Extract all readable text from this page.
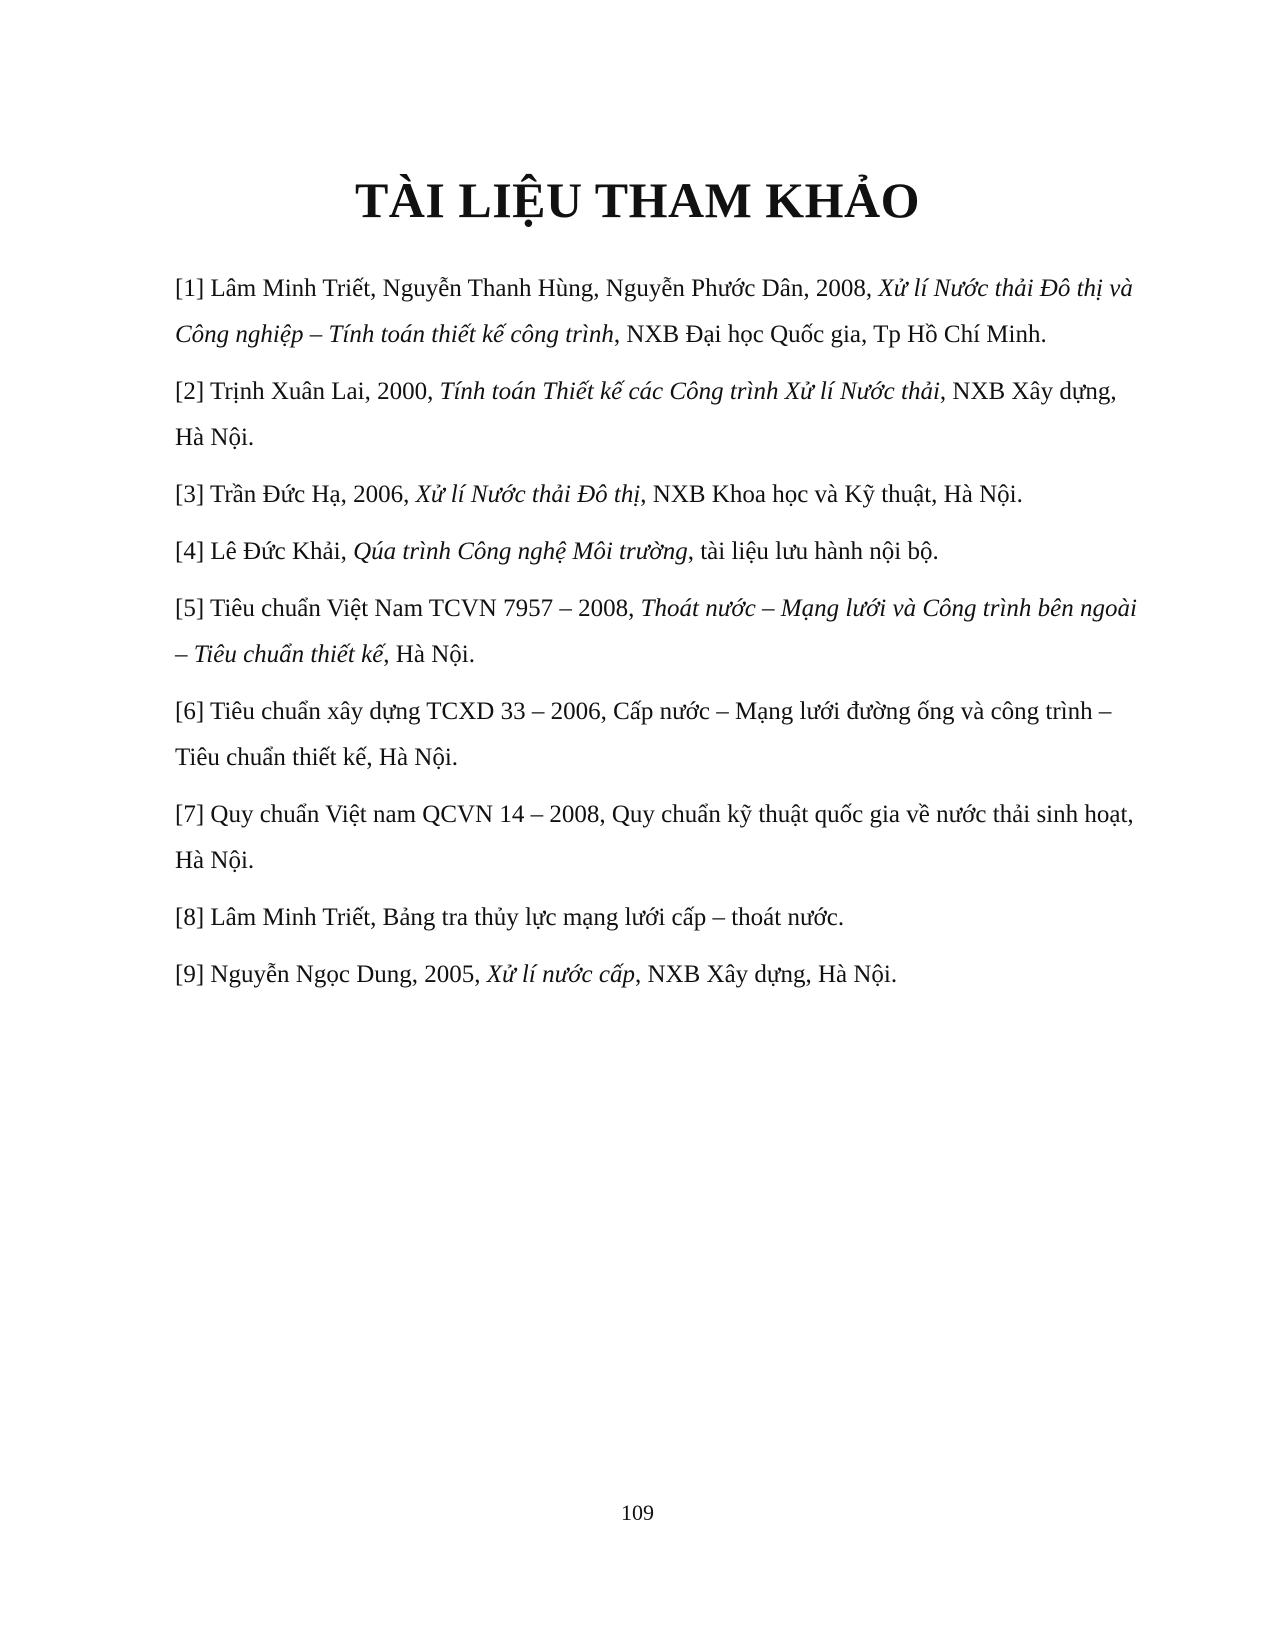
TÀI LIỆU THAM KHẢO
[1] Lâm Minh Triết, Nguyễn Thanh Hùng, Nguyễn Phước Dân, 2008, Xử lí Nước thải Đô thị và Công nghiệp – Tính toán thiết kế công trình, NXB Đại học Quốc gia, Tp Hồ Chí Minh.
[2] Trịnh Xuân Lai, 2000, Tính toán Thiết kế các Công trình Xử lí Nước thải, NXB Xây dựng, Hà Nội.
[3] Trần Đức Hạ, 2006, Xử lí Nước thải Đô thị, NXB Khoa học và Kỹ thuật, Hà Nội.
[4] Lê Đức Khải, Qúa trình Công nghệ Môi trường, tài liệu lưu hành nội bộ.
[5] Tiêu chuẩn Việt Nam TCVN 7957 – 2008, Thoát nước – Mạng lưới và Công trình bên ngoài – Tiêu chuẩn thiết kế, Hà Nội.
[6] Tiêu chuẩn xây dựng TCXD 33 – 2006, Cấp nước – Mạng lưới đường ống và công trình – Tiêu chuẩn thiết kế, Hà Nội.
[7] Quy chuẩn Việt nam QCVN 14 – 2008, Quy chuẩn kỹ thuật quốc gia về nước thải sinh hoạt, Hà Nội.
[8] Lâm Minh Triết, Bảng tra thủy lực mạng lưới cấp – thoát nước.
[9] Nguyễn Ngọc Dung, 2005, Xử lí nước cấp, NXB Xây dựng, Hà Nội.
109
